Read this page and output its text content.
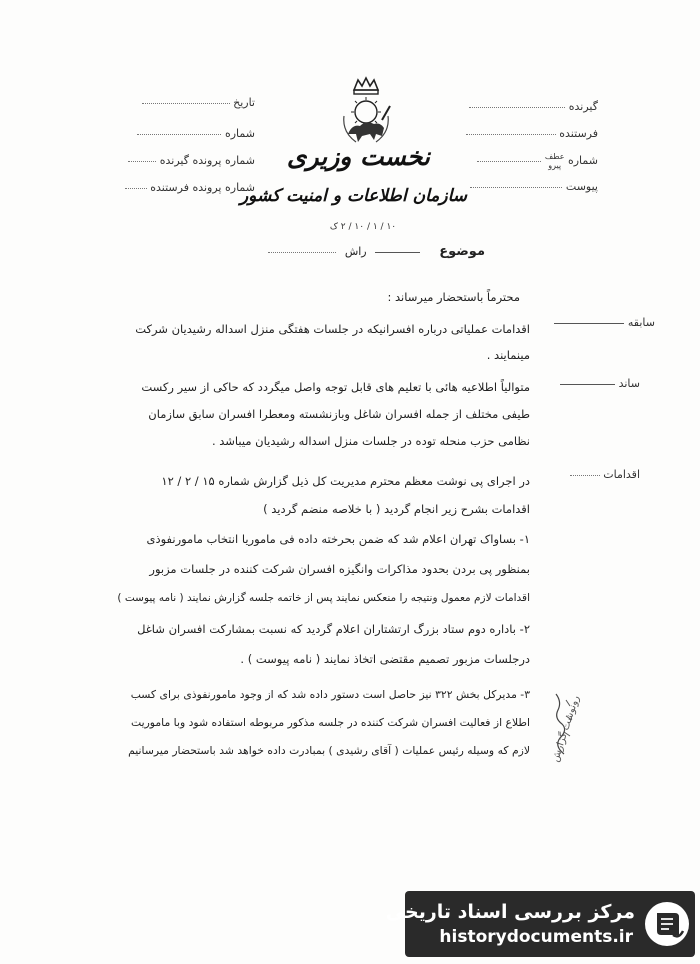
تاریخ
شماره
شماره پرونده گیرنده
شماره پرونده فرستنده
گیرنده
فرستنده
شماره عطف
پیرو
پیوست
نخست وزیری
سازمان اطلاعات و امنیت کشور
۱۰ / ۱ / ۱۰ / ۲ ک
موضوع   راش
محترماً باستحضار میرساند :
سابقه
ساند
اقدامات
اقدامات عملیاتی درباره افسرانیکه در جلسات هفتگی منزل اسداله رشیدیان شرکت
مینمایند .
متوالیاً اطلاعیه هائی با تعلیم های قابل توجه واصل میگردد که حاکی از سیر رکست
طیفی مختلف از جمله افسران شاغل وبازنشسته ومعطرا افسران سابق سازمان
نظامی حزب منحله توده در جلسات منزل اسداله رشیدیان میباشد .
در اجرای پی نوشت معظم محترم مدیریت کل ذیل گزارش شماره ۱۵ / ۲ / ۱۲
اقدامات بشرح زیر انجام گردید ( با خلاصه منضم گردید )
۱- بساواک تهران اعلام شد که ضمن بحرخته داده فی ماموریا انتخاب مامورنفوذی
بمنظور پی بردن بحدود مذاکرات وانگیزه افسران شرکت کننده در جلسات مزبور
اقدامات لازم معمول ونتیجه را منعکس نمایند پس از خاتمه جلسه گزارش نمایند ( نامه پیوست )
۲- باداره دوم ستاد بزرگ ارتشتاران اعلام گردید که نسبت بمشارکت افسران شاغل
درجلسات مزبور تصمیم مقتضی اتخاذ نمایند ( نامه پیوست ) .
۳- مدیرکل بخش ۳۲۲ نیز حاصل است دستور داده شد که از وجود مامورنفوذی برای کسب
اطلاع از فعالیت افسران شرکت کننده در جلسه مذکور مربوطه استفاده شود وبا ماموریت
لازم که وسیله رئیس عملیات ( آقای رشیدی ) بمبادرت داده خواهد شد باستحضار میرسانیم رونوشت گزارش
مرکز بررسی اسناد تاریخی
historydocuments.ir
